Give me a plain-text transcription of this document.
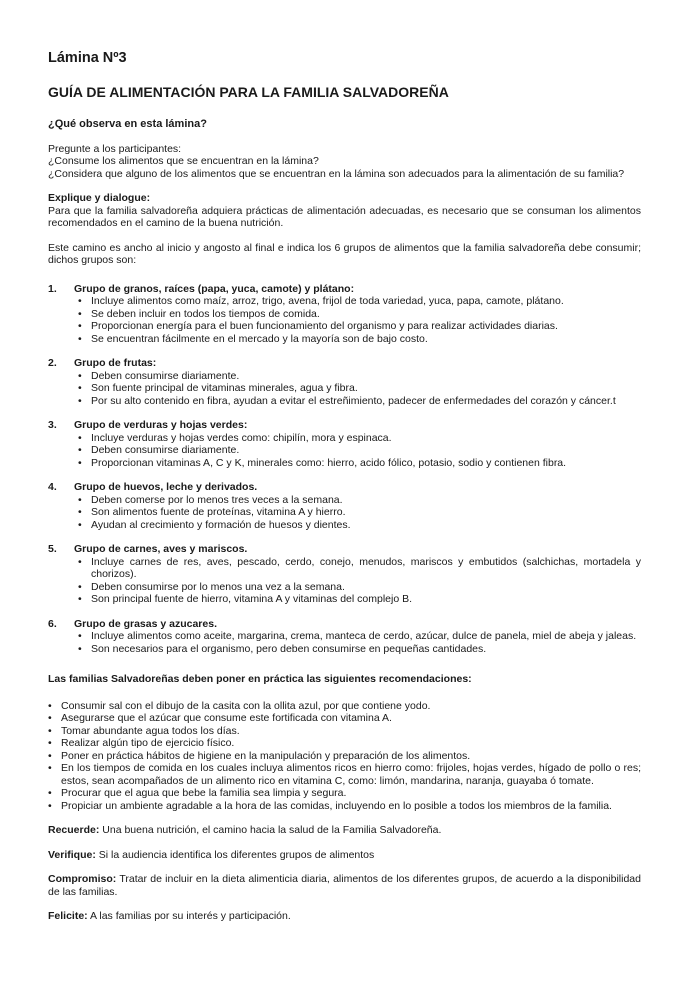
Lámina Nº3
GUÍA DE ALIMENTACIÓN PARA LA FAMILIA SALVADOREÑA
¿Qué observa en esta lámina?

Pregunte a los participantes:

¿Consume los alimentos que se encuentran en la lámina?

¿Considera que alguno de los alimentos que se encuentran en la lámina son adecuados para la alimentación de su familia?

Explique y dialogue:

Para que la familia salvadoreña adquiera prácticas de alimentación adecuadas, es necesario que se consuman los alimentos recomendados en el camino de la buena nutrición.

Este camino es ancho al inicio y angosto al final e indica los 6 grupos de alimentos que la familia salvadoreña debe consumir; dichos grupos son:

1. Grupo de granos, raíces (papa, yuca, camote) y plátano:
• Incluye alimentos como maíz, arroz, trigo, avena, frijol de toda variedad, yuca, papa, camote, plátano.
• Se deben incluir en todos los tiempos de comida.
• Proporcionan energía para el buen funcionamiento del organismo y para realizar actividades diarias.
• Se encuentran fácilmente en el mercado y la mayoría son de bajo costo.
2. Grupo de frutas:
• Deben consumirse diariamente.
• Son fuente principal de vitaminas minerales, agua y fibra.
• Por su alto contenido en fibra, ayudan a evitar el estreñimiento, padecer de enfermedades del corazón y cáncer.t
3. Grupo de verduras y hojas verdes:
• Incluye verduras y hojas verdes como: chipilín, mora y espinaca.
• Deben consumirse diariamente.
• Proporcionan vitaminas A, C y K, minerales como: hierro, acido fólico, potasio, sodio y contienen fibra.
4. Grupo de huevos, leche y derivados.
• Deben comerse por lo menos tres veces a la semana.
• Son alimentos fuente de proteínas, vitamina A y hierro.
• Ayudan al crecimiento y formación de huesos y dientes.
5. Grupo de carnes, aves y mariscos.
• Incluye carnes de res, aves, pescado, cerdo, conejo, menudos, mariscos y embutidos (salchichas, mortadela y chorizos).
• Deben consumirse por lo menos una vez a la semana.
• Son principal fuente de hierro, vitamina A y vitaminas del complejo B.
6. Grupo de grasas y azucares.
• Incluye alimentos como aceite, margarina, crema, manteca de cerdo, azúcar, dulce de panela, miel de abeja y jaleas.
• Son necesarios para el organismo, pero deben consumirse en pequeñas cantidades.
Las familias Salvadoreñas deben poner en práctica las siguientes recomendaciones:
• Consumir sal con el dibujo de la casita con la ollita azul, por que contiene yodo.
• Asegurarse que el azúcar que consume este fortificada con vitamina A.
• Tomar abundante agua todos los días.
• Realizar algún tipo de ejercicio físico.
• Poner en práctica hábitos de higiene en la manipulación y preparación de los alimentos.
• En los tiempos de comida en los cuales incluya alimentos ricos en hierro como: frijoles, hojas verdes, hígado de pollo o res; estos, sean acompañados de un alimento rico en vitamina C, como: limón, mandarina, naranja, guayaba ó tomate.
• Procurar que el agua que bebe la familia sea limpia y segura.
• Propiciar un ambiente agradable a la hora de las comidas, incluyendo en lo posible a todos los miembros de la familia.

Recuerde: Una buena nutrición, el camino hacia la salud de la Familia Salvadoreña.

Verifique: Si la audiencia identifica los diferentes grupos de alimentos

Compromiso: Tratar de incluir en la dieta alimenticia diaria, alimentos de los diferentes grupos, de acuerdo a la disponibilidad de las familias.

Felicite: A las familias por su interés y participación.
